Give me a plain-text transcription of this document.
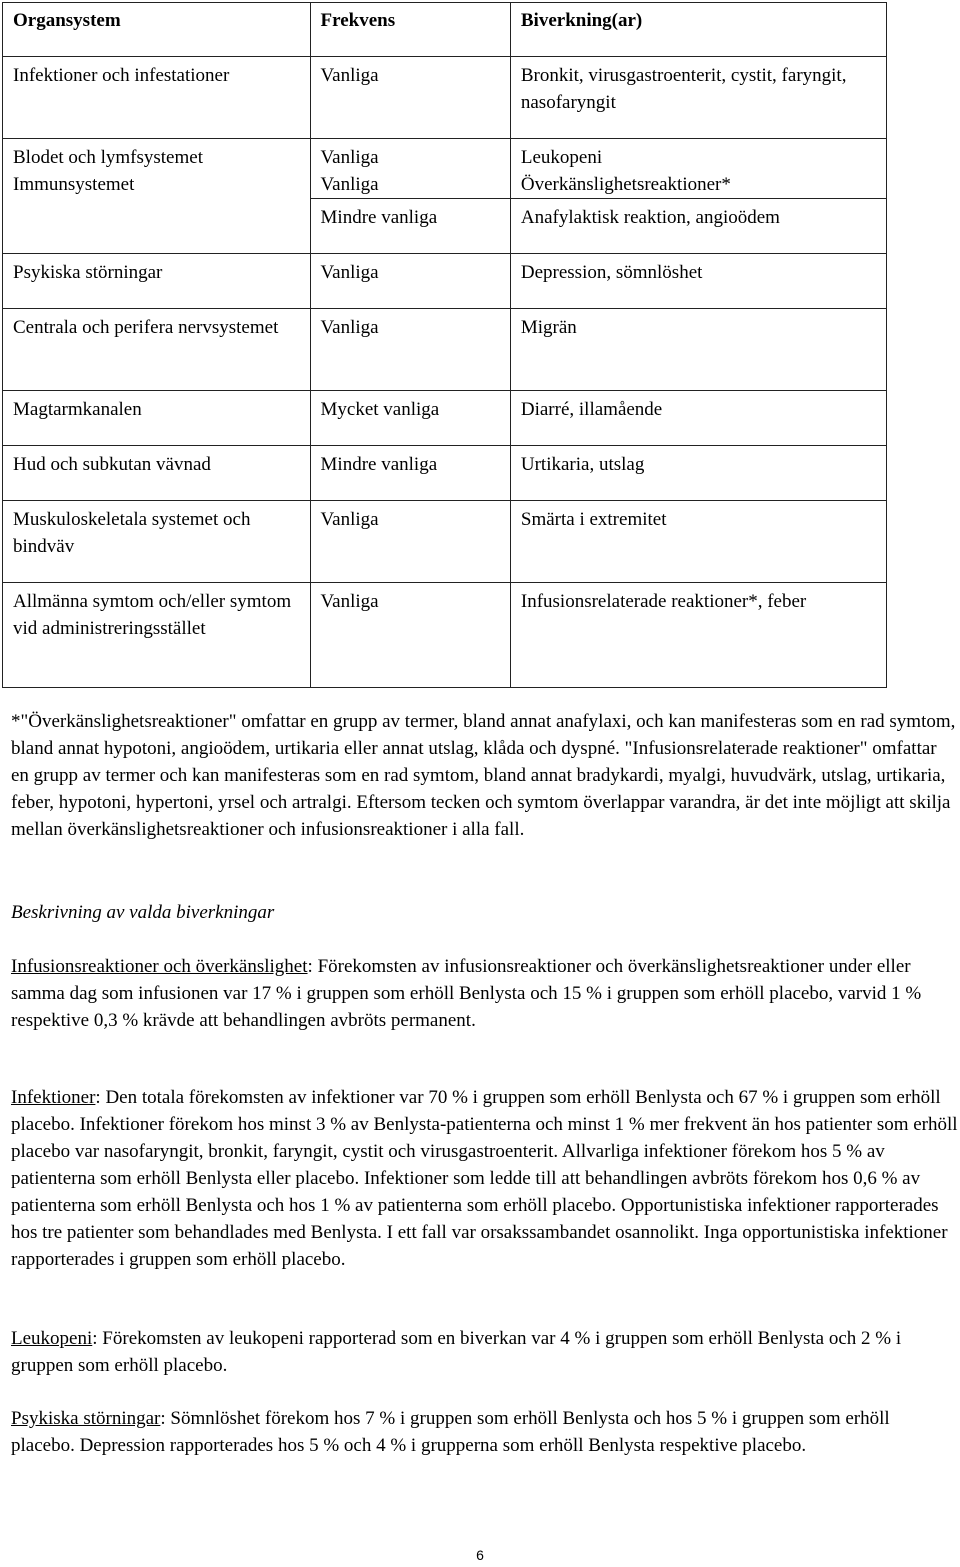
Organsystem	Frekvens	Biverkning(ar)
Infektioner och infestationer	Vanliga	Bronkit, virusgastroenterit, cystit, faryngit, nasofaryngit
Blodet och lymfsystemet	Vanliga	Leukopeni
Immunsystemet	Vanliga	Överkänslighetsreaktioner*
	Mindre vanliga	Anafylaktisk reaktion, angioödem
Psykiska störningar	Vanliga	Depression, sömnlöshet
Centrala och perifera nervsystemet	Vanliga	Migrän
Magtarmkanalen	Mycket vanliga	Diarré, illamående
Hud och subkutan vävnad	Mindre vanliga	Urtikaria, utslag
Muskuloskeletala systemet och bindväv	Vanliga	Smärta i extremitet
Allmänna symtom och/eller symtom vid administreringsstället	Vanliga	Infusionsrelaterade reaktioner*, feber
*"Överkänslighetsreaktioner" omfattar en grupp av termer, bland annat anafylaxi, och kan manifesteras som en rad symtom, bland annat hypotoni, angioödem, urtikaria eller annat utslag, klåda och dyspné. "Infusionsrelaterade reaktioner" omfattar en grupp av termer och kan manifesteras som en rad symtom, bland annat bradykardi, myalgi, huvudvärk, utslag, urtikaria, feber, hypotoni, hypertoni, yrsel och artralgi. Eftersom tecken och symtom överlappar varandra, är det inte möjligt att skilja mellan överkänslighetsreaktioner och infusionsreaktioner i alla fall.
Beskrivning av valda biverkningar
Infusionsreaktioner och överkänslighet: Förekomsten av infusionsreaktioner och överkänslighetsreaktioner under eller samma dag som infusionen var 17 % i gruppen som erhöll Benlysta och 15 % i gruppen som erhöll placebo, varvid 1 % respektive 0,3 % krävde att behandlingen avbröts permanent.
Infektioner: Den totala förekomsten av infektioner var 70 % i gruppen som erhöll Benlysta och 67 % i gruppen som erhöll placebo. Infektioner förekom hos minst 3 % av Benlysta-patienterna och minst 1 % mer frekvent än hos patienter som erhöll placebo var nasofaryngit, bronkit, faryngit, cystit och virusgastroenterit. Allvarliga infektioner förekom hos 5 % av patienterna som erhöll Benlysta eller placebo. Infektioner som ledde till att behandlingen avbröts förekom hos 0,6 % av patienterna som erhöll Benlysta och hos 1 % av patienterna som erhöll placebo. Opportunistiska infektioner rapporterades hos tre patienter som behandlades med Benlysta. I ett fall var orsakssambandet osannolikt. Inga opportunistiska infektioner rapporterades i gruppen som erhöll placebo.
Leukopeni: Förekomsten av leukopeni rapporterad som en biverkan var 4 % i gruppen som erhöll Benlysta och 2 % i gruppen som erhöll placebo.
Psykiska störningar: Sömnlöshet förekom hos 7 % i gruppen som erhöll Benlysta och hos 5 % i gruppen som erhöll placebo. Depression rapporterades hos 5 % och 4 % i grupperna som erhöll Benlysta respektive placebo.
6
